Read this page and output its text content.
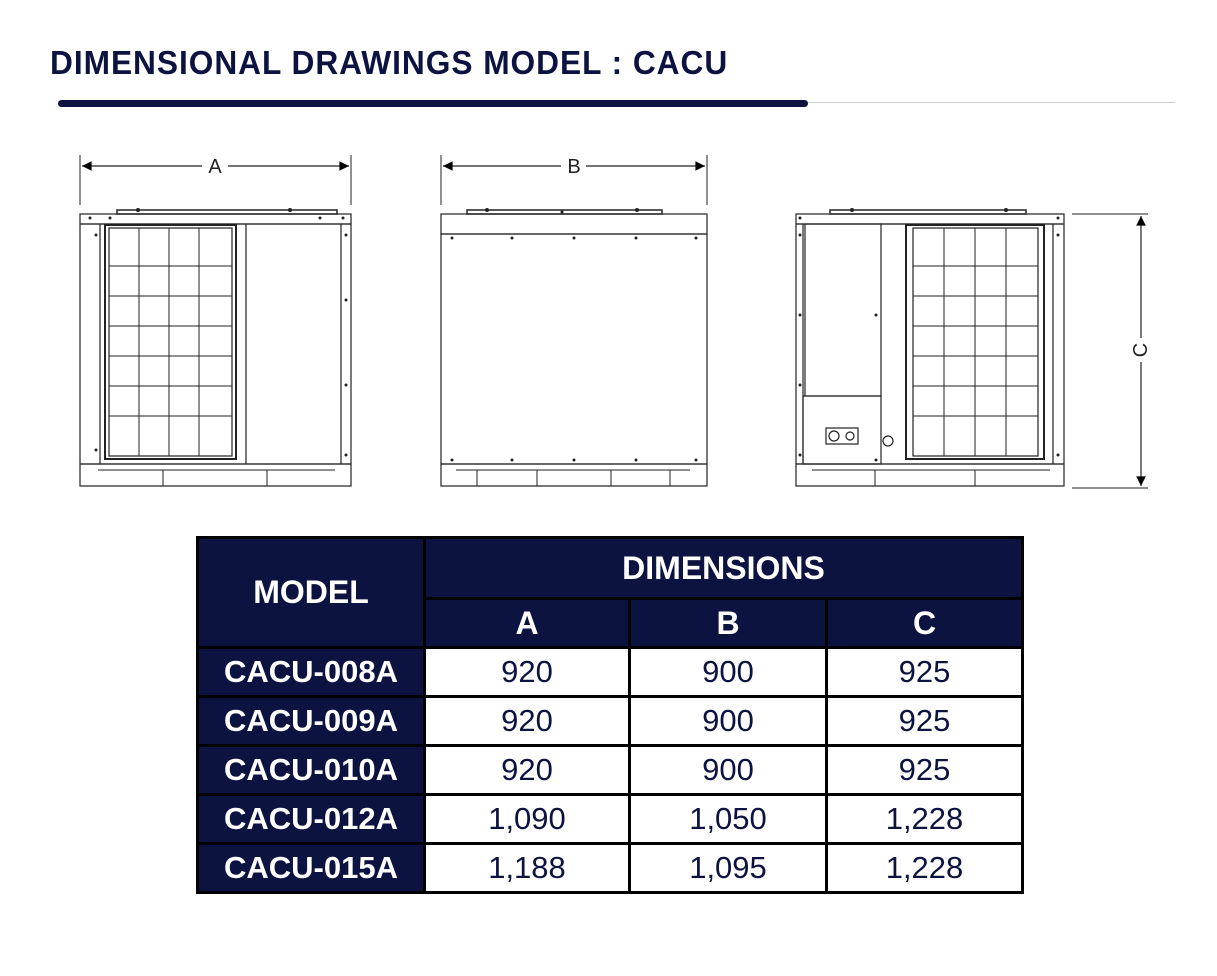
DIMENSIONAL DRAWINGS MODEL : CACU
A	B
C
MODEL	DIMENSIONS		
	A	B	C
CACU-008A	920	900	925
CACU-009A	920	900	925
CACU-010A	920	900	925
CACU-012A	1,090	1,050	1,228
CACU-015A	1,188	1,095	1,228
